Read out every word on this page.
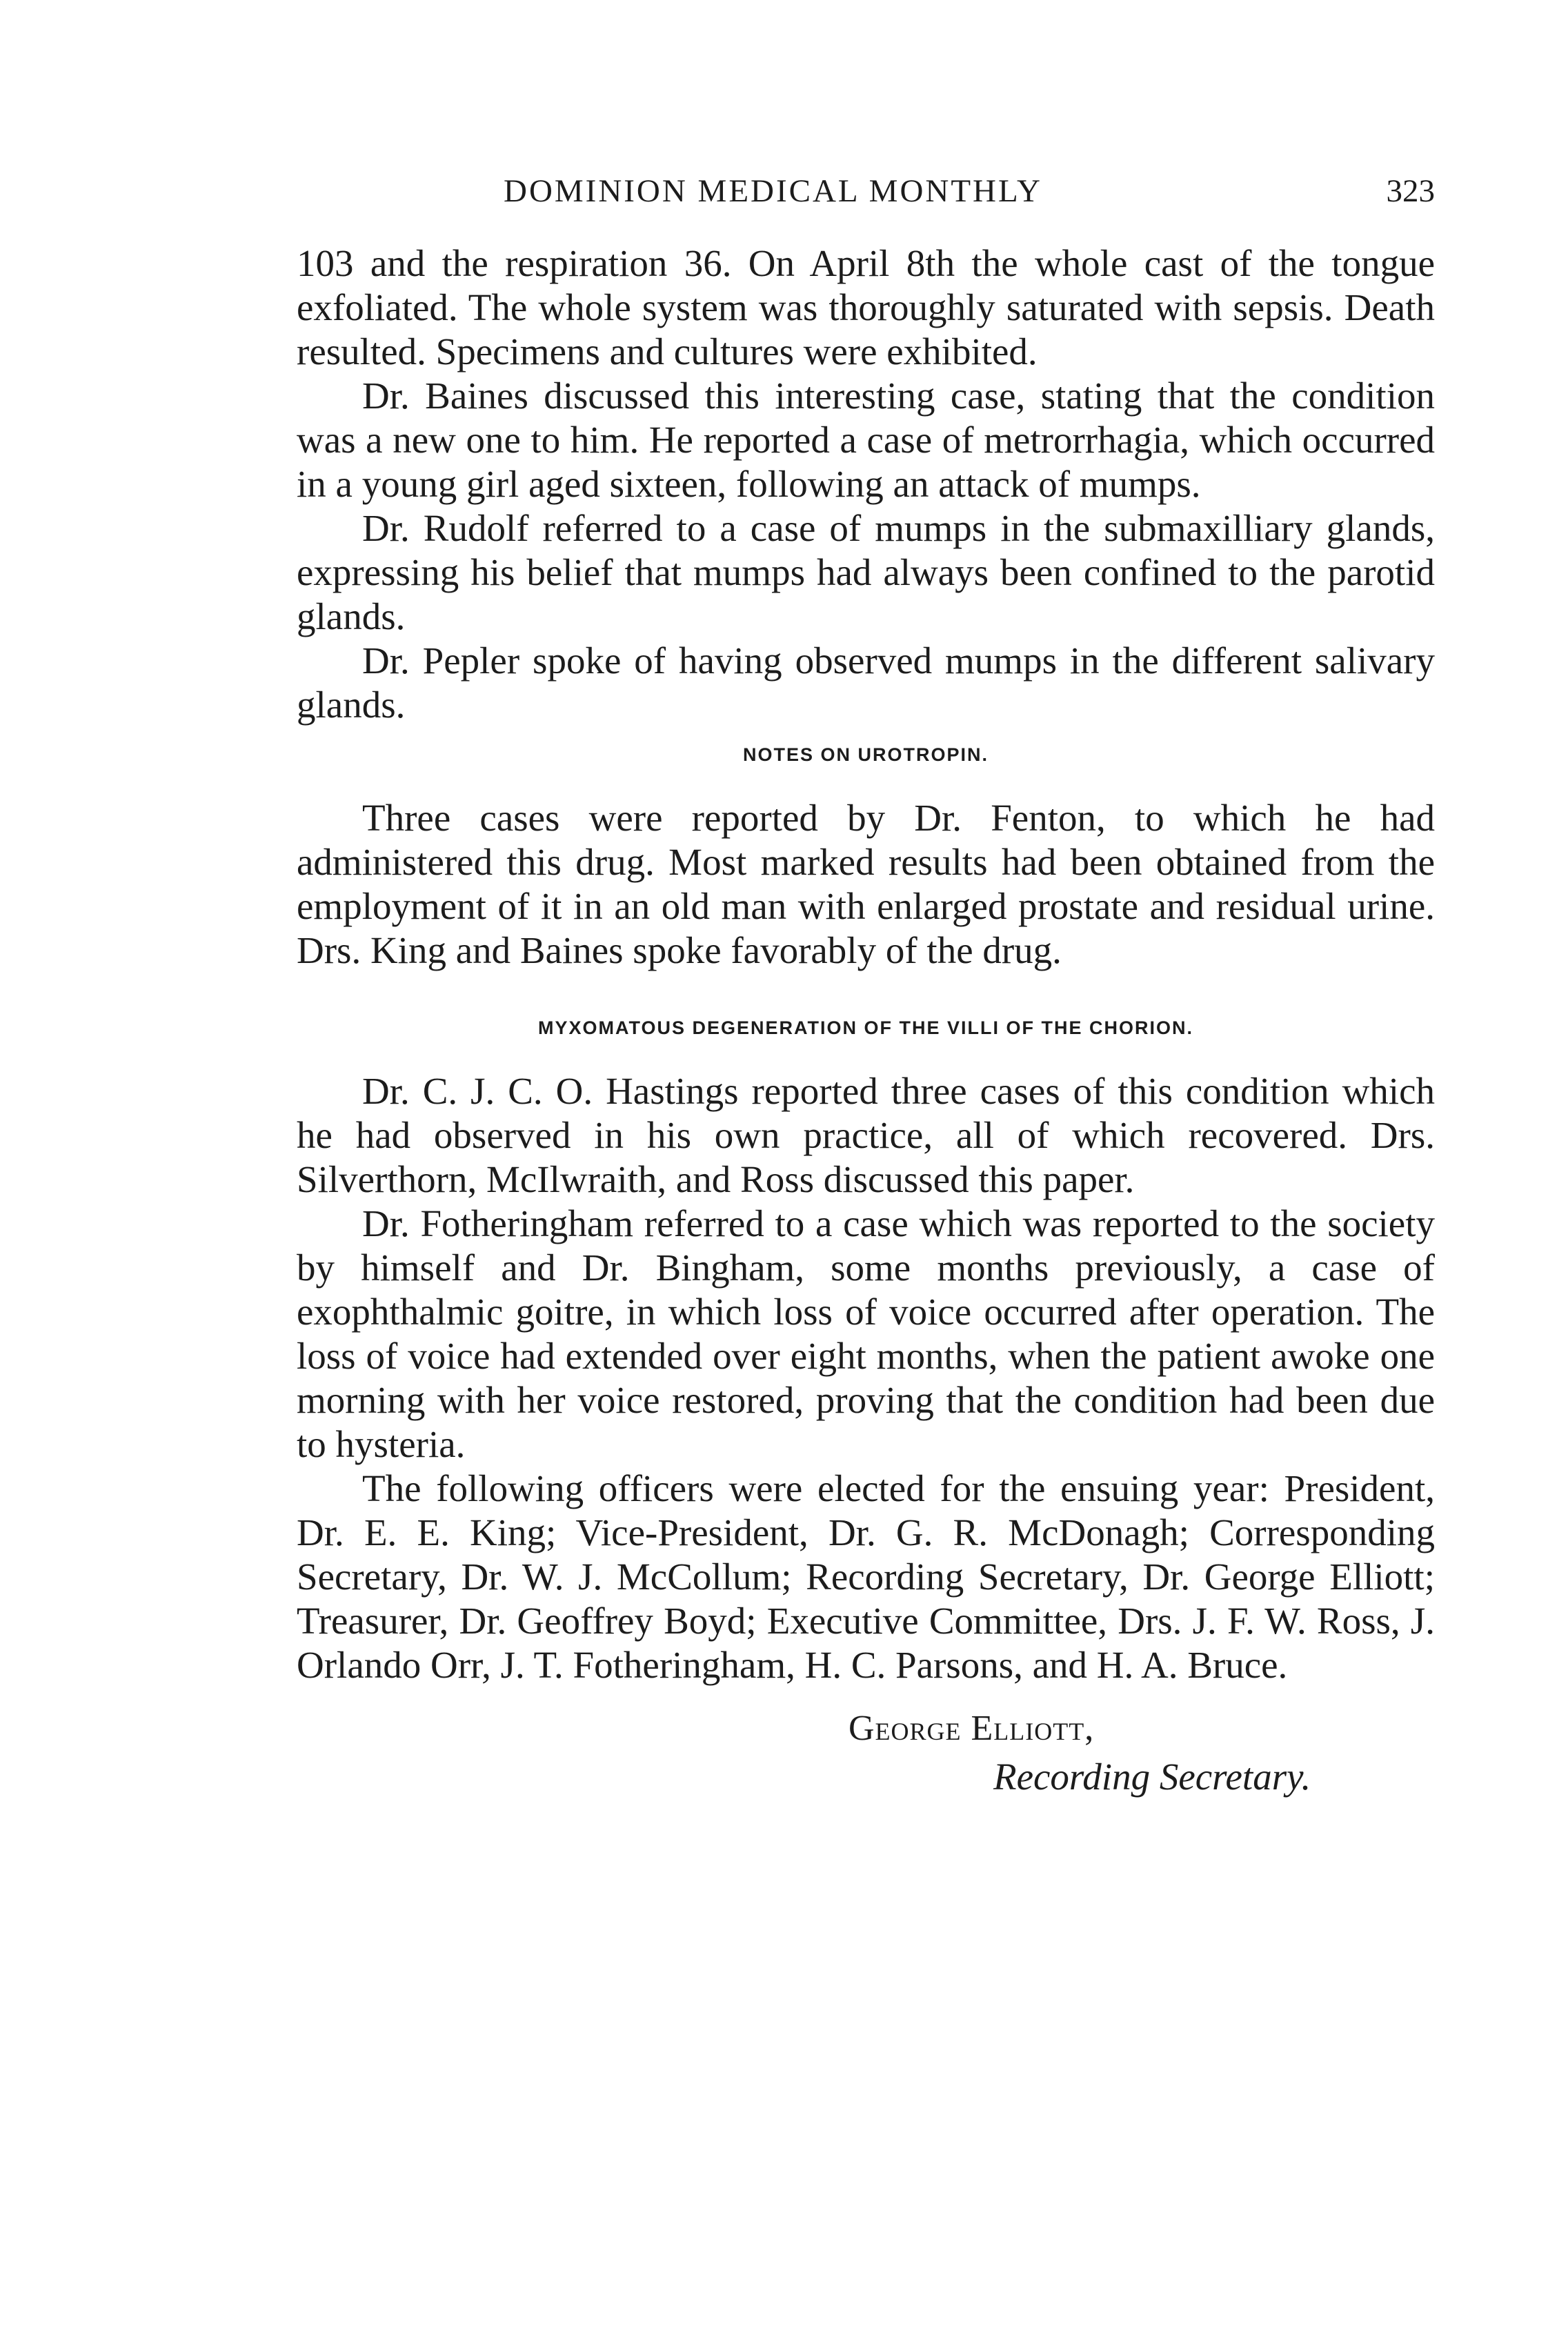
DOMINION MEDICAL MONTHLY	323

103 and the respiration 36. On April 8th the whole cast of the tongue exfoliated. The whole system was thoroughly saturated with sepsis. Death resulted. Specimens and cultures were exhibited.

Dr. Baines discussed this interesting case, stating that the condition was a new one to him. He reported a case of metrorrhagia, which occurred in a young girl aged sixteen, following an attack of mumps.

Dr. Rudolf referred to a case of mumps in the submaxilliary glands, expressing his belief that mumps had always been confined to the parotid glands.

Dr. Pepler spoke of having observed mumps in the different salivary glands.

NOTES ON UROTROPIN.

Three cases were reported by Dr. Fenton, to which he had administered this drug. Most marked results had been obtained from the employment of it in an old man with enlarged prostate and residual urine. Drs. King and Baines spoke favorably of the drug.

MYXOMATOUS DEGENERATION OF THE VILLI OF THE CHORION.

Dr. C. J. C. O. Hastings reported three cases of this condition which he had observed in his own practice, all of which recovered. Drs. Silverthorn, McIlwraith, and Ross discussed this paper.

Dr. Fotheringham referred to a case which was reported to the society by himself and Dr. Bingham, some months previously, a case of exophthalmic goitre, in which loss of voice occurred after operation. The loss of voice had extended over eight months, when the patient awoke one morning with her voice restored, proving that the condition had been due to hysteria.

The following officers were elected for the ensuing year: President, Dr. E. E. King; Vice-President, Dr. G. R. McDonagh; Corresponding Secretary, Dr. W. J. McCollum; Recording Secretary, Dr. George Elliott; Treasurer, Dr. Geoffrey Boyd; Executive Committee, Drs. J. F. W. Ross, J. Orlando Orr, J. T. Fotheringham, H. C. Parsons, and H. A. Bruce.

George Elliott,
Recording Secretary.
